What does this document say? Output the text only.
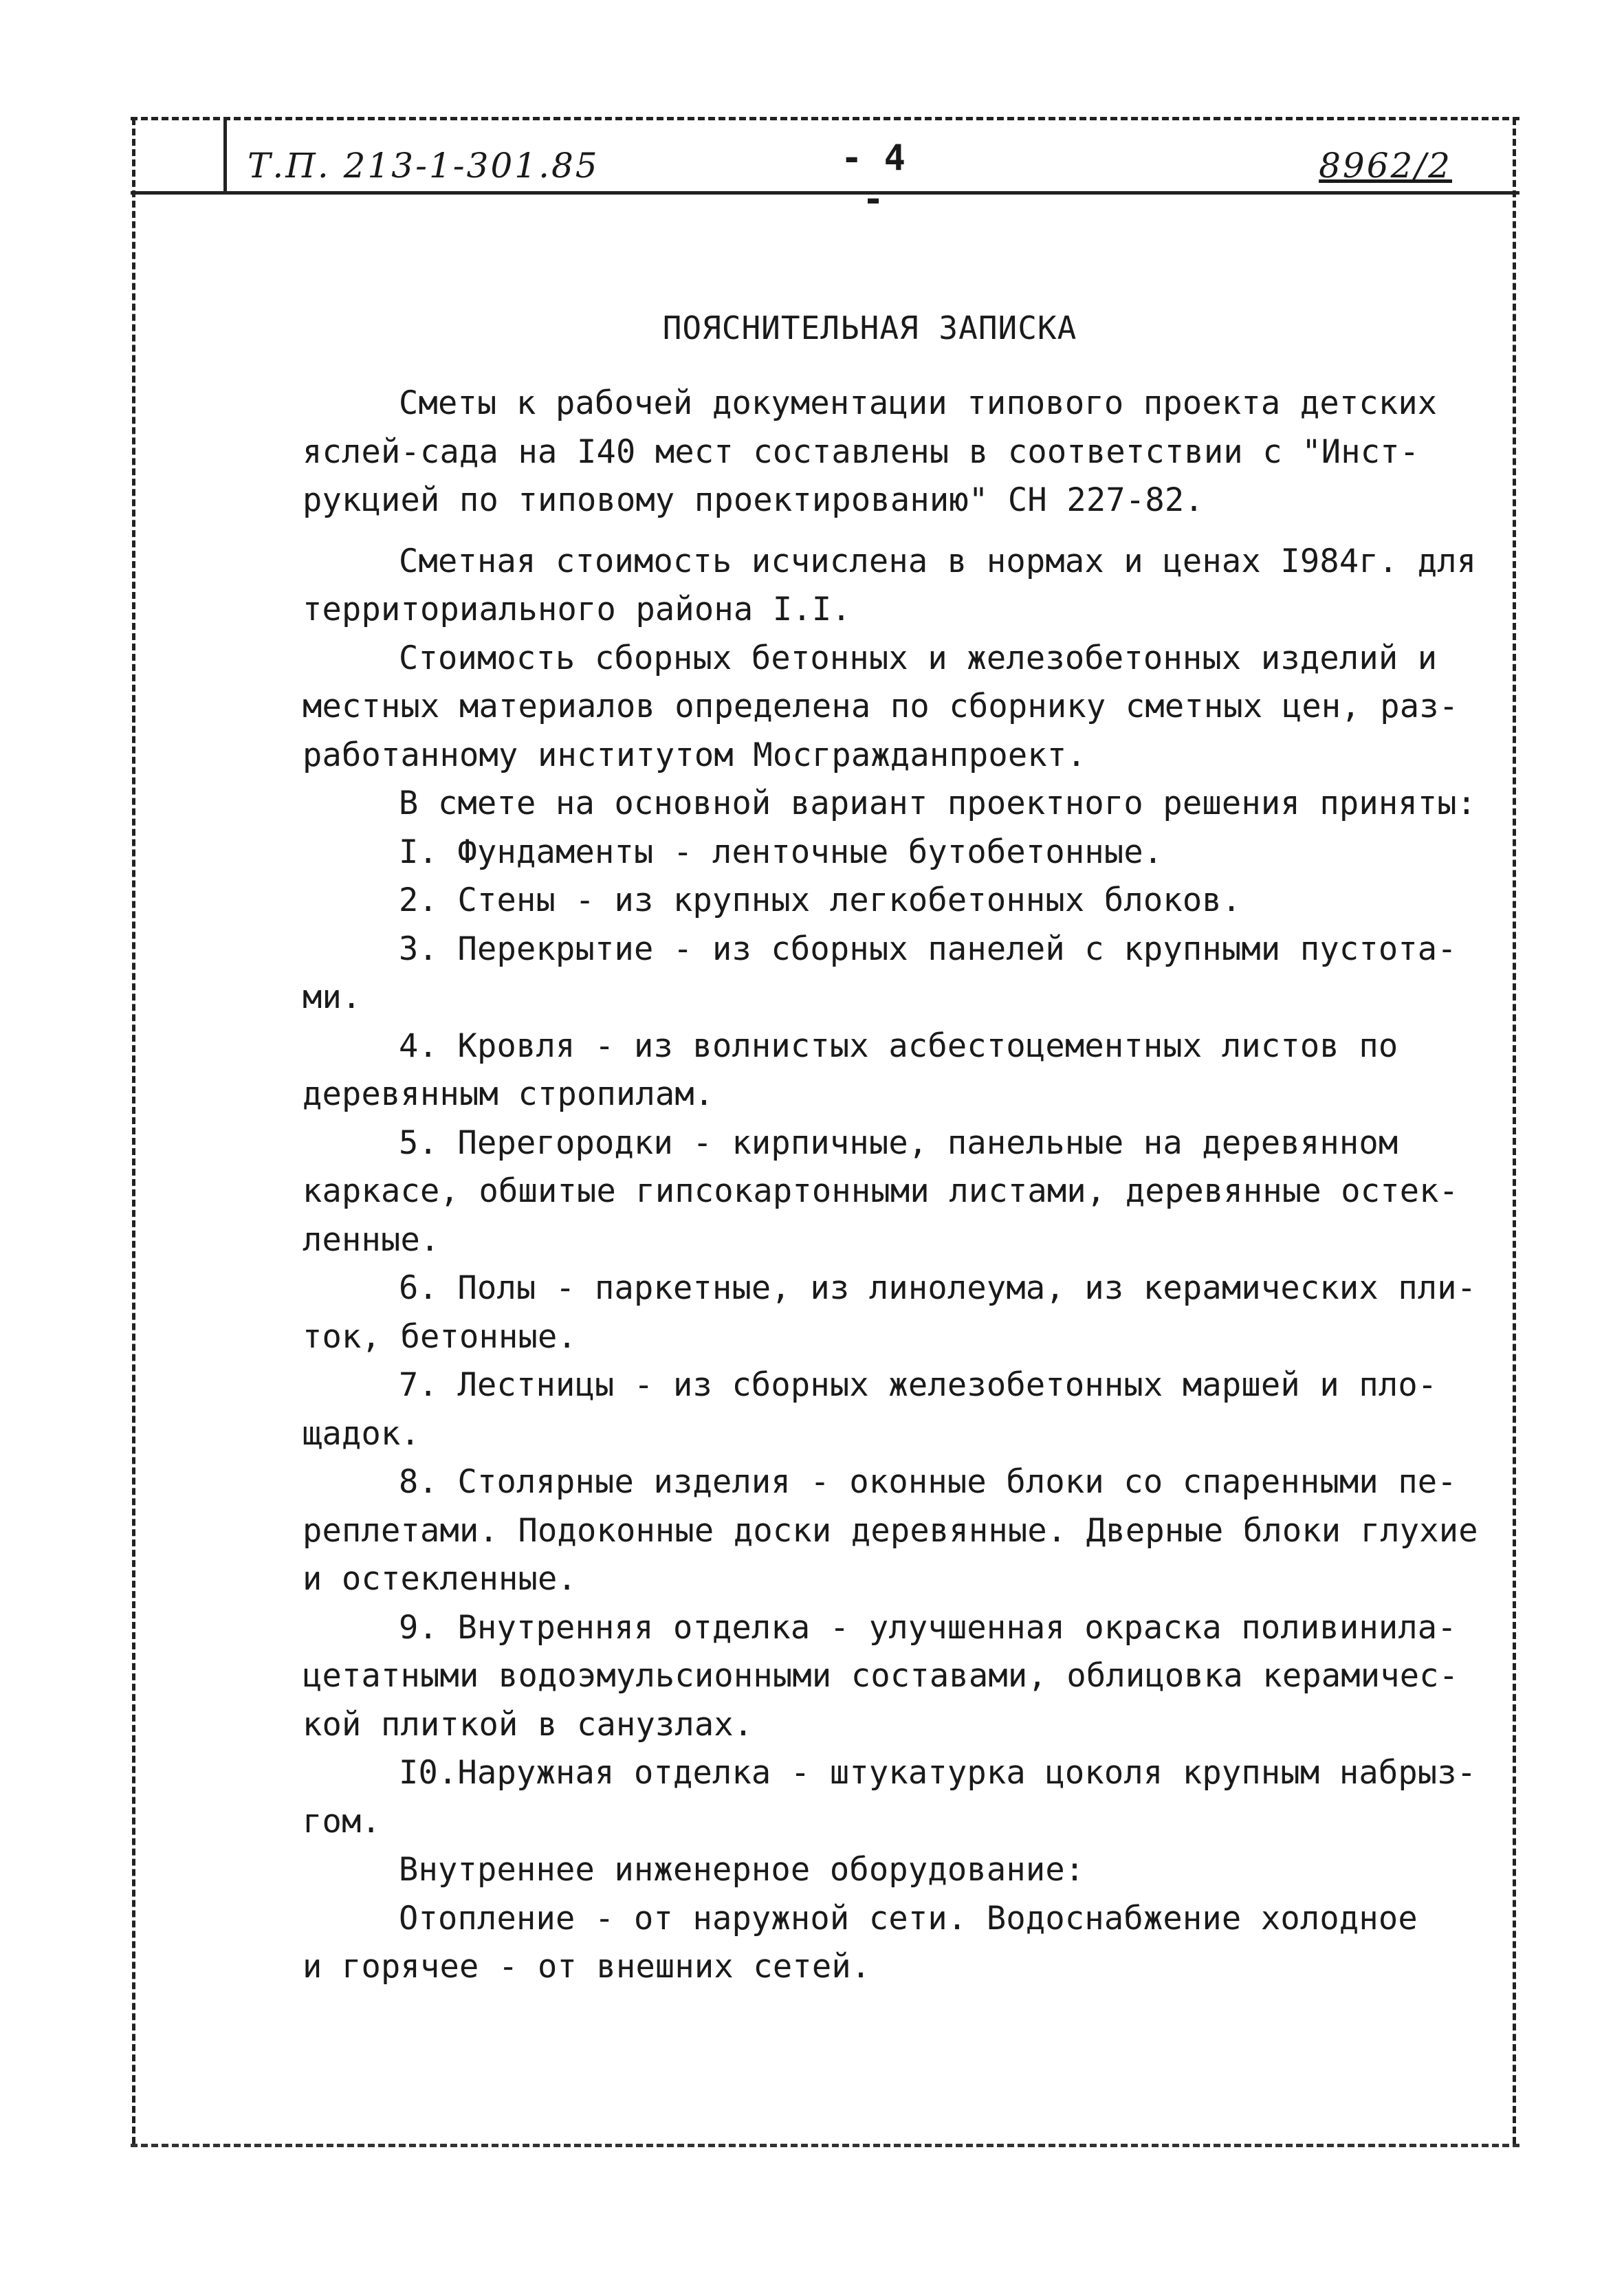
Т.П. 213-1-301.85	- 4 -
8962/2
ПОЯСНИТЕЛЬНАЯ ЗАПИСКА
Сметы к рабочей документации типового проекта детских
яслей-сада на I40 мест составлены в соответствии с "Инст-
рукцией по типовому проектированию" СН 227-82.
Сметная стоимость исчислена в нормах и ценах I984г. для
территориального района I.I.
Стоимость сборных бетонных и железобетонных изделий и
местных материалов определена по сборнику сметных цен, раз-
работанному институтом Моcгражданпроект.
В смете на основной вариант проектного решения приняты:
I. Фундаменты - ленточные бутобетонные.
2. Стены - из крупных легкобетонных блоков.
3. Перекрытие - из сборных панелей с крупными пустота-
ми.
4. Кровля - из волнистых асбестоцементных листов по
деревянным стропилам.
5. Перегородки - кирпичные, панельные на деревянном
каркасе, обшитые гипсокартонными листами, деревянные остек-
ленные.
6. Полы - паркетные, из линолеума, из керамических пли-
ток, бетонные.
7. Лестницы - из сборных железобетонных маршей и пло-
щадок.
8. Столярные изделия - оконные блоки со спаренными пе-
реплетами. Подоконные доски деревянные. Дверные блоки глухие
и остекленные.
9. Внутренняя отделка - улучшенная окраска поливинила-
цетатными водоэмульсионными составами, облицовка керамичес-
кой плиткой в санузлах.
I0.Наружная отделка - штукатурка цоколя крупным набрыз-
гом.
Внутреннее инженерное оборудование:
Отопление - от наружной сети. Водоснабжение холодное
и горячее - от внешних сетей.
